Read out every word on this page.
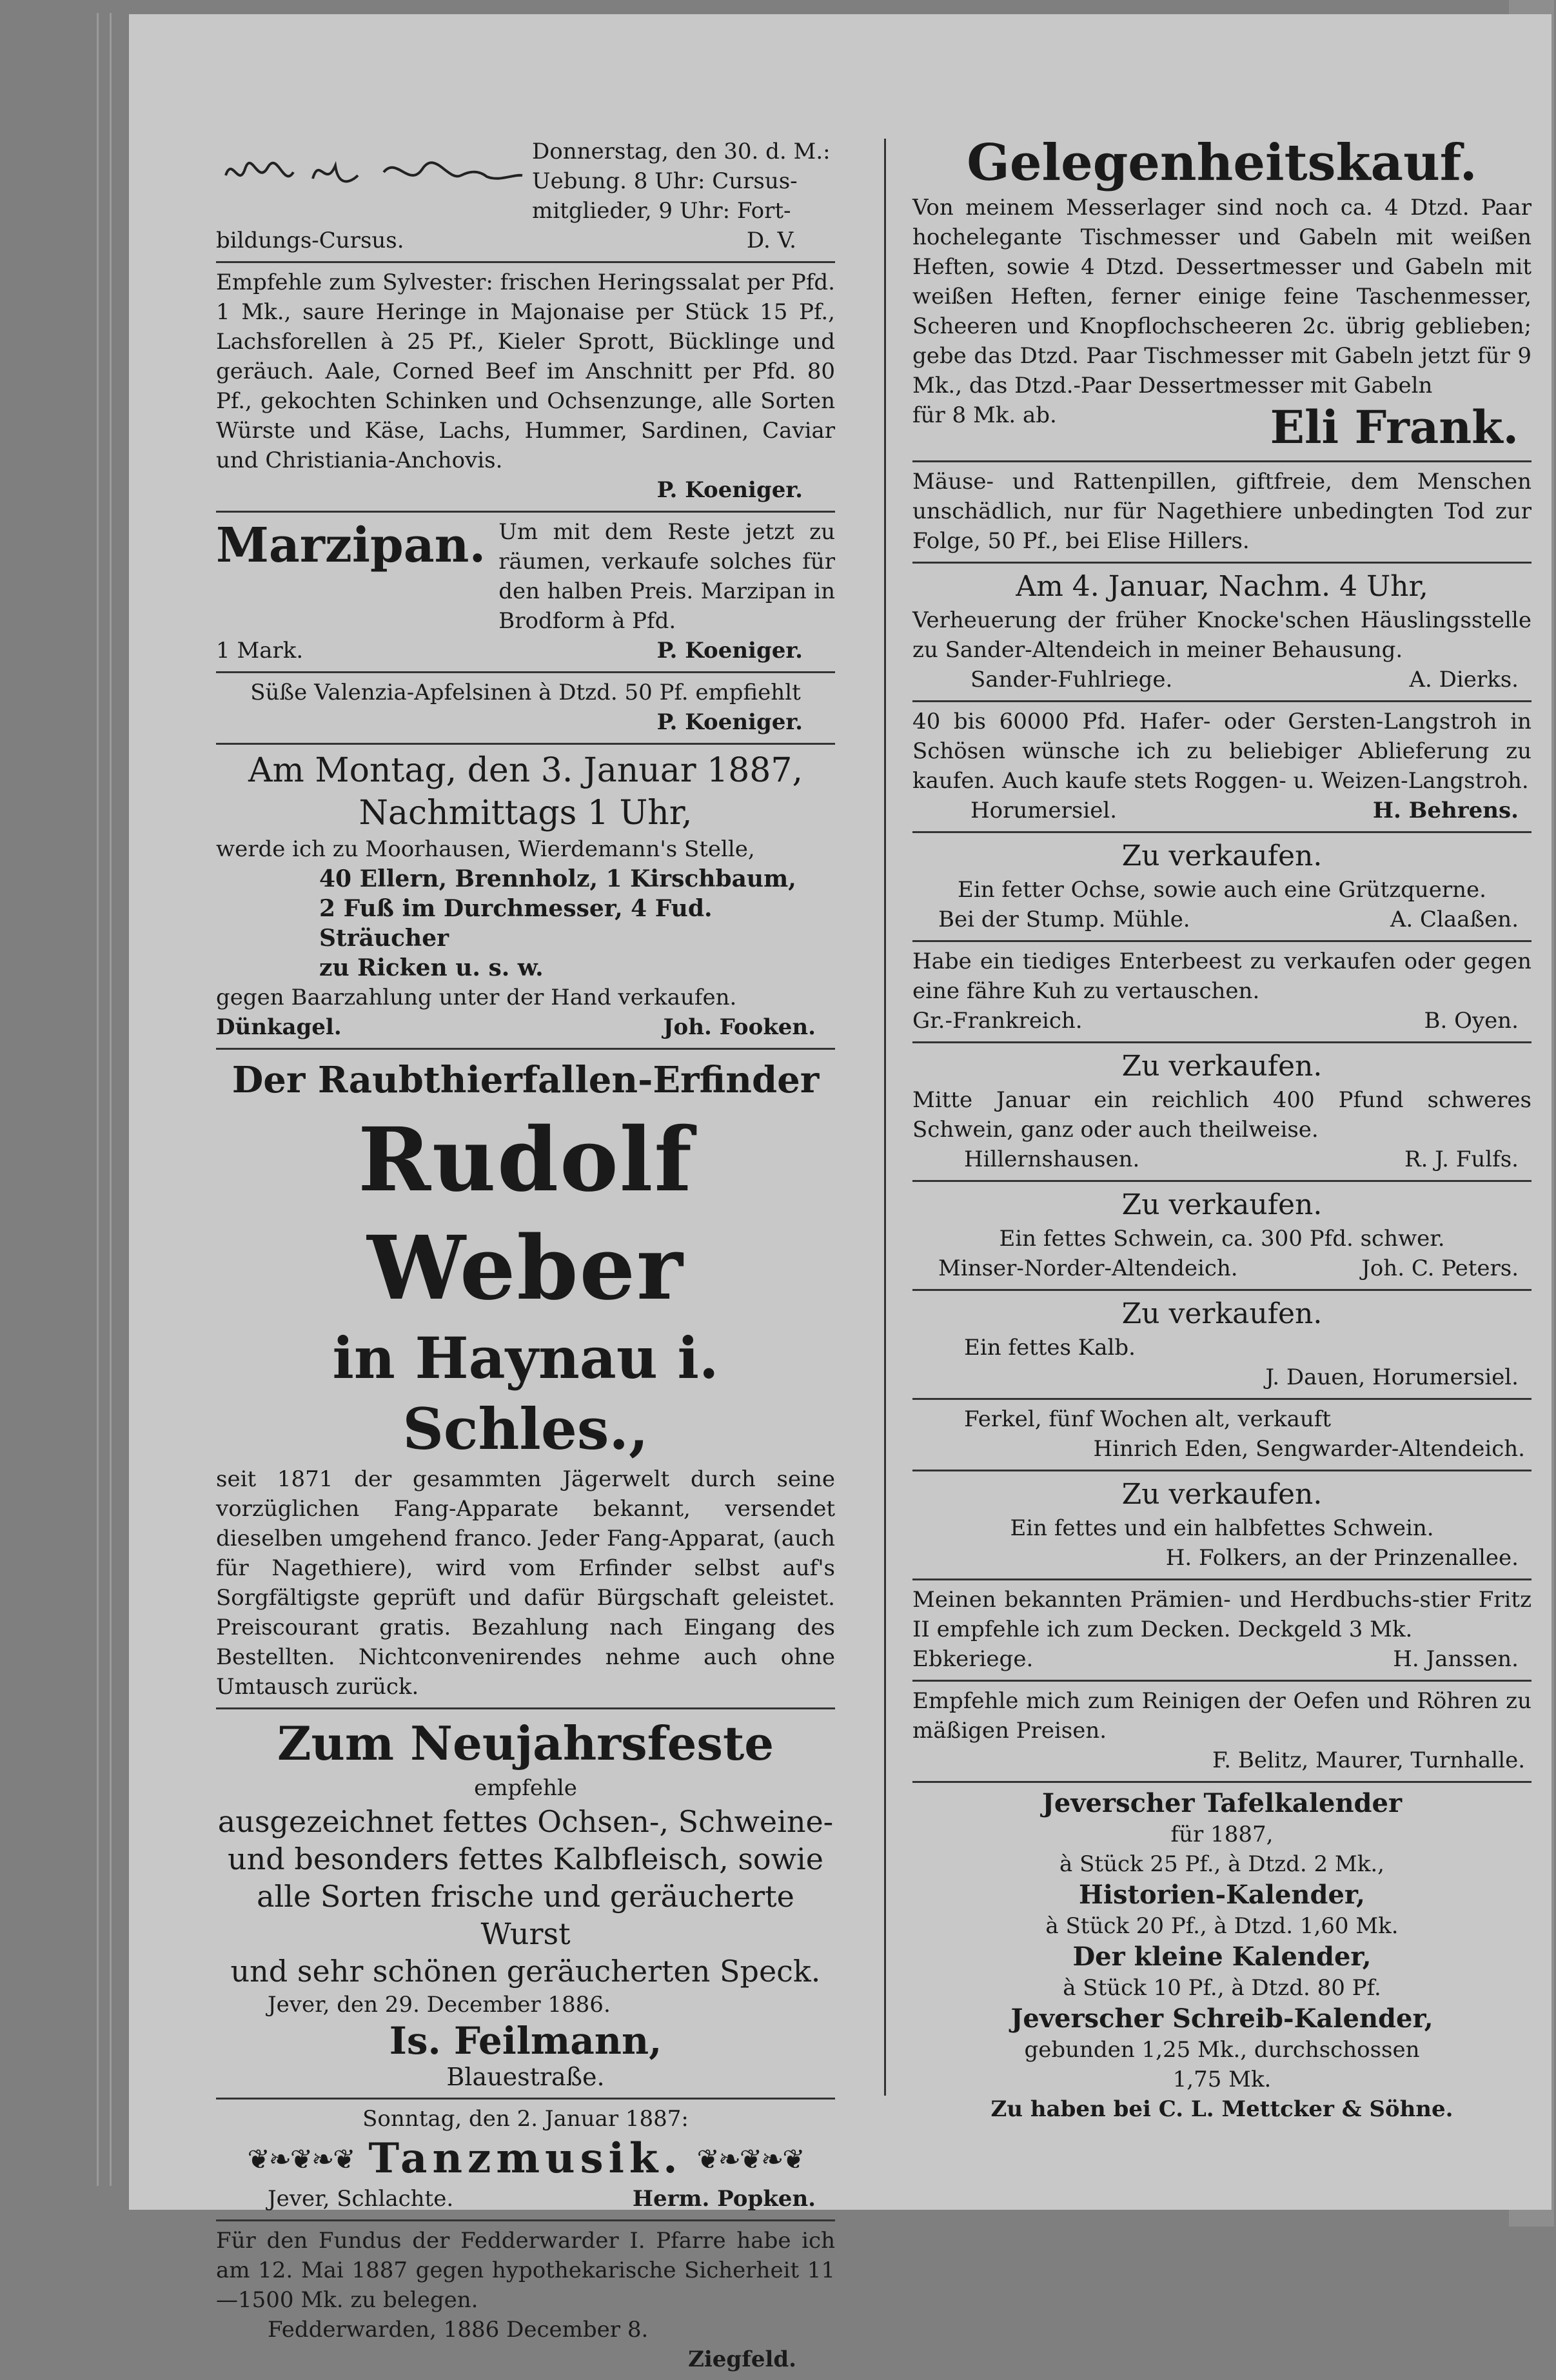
Donnerstag, den 30. d. M.:

Uebung. 8 Uhr: Cursus-

mitglieder, 9 Uhr: Fort-

bildungs-Cursus.	D. V.

Empfehle zum Sylvester: frischen Heringssalat per Pfd. 1 Mk., saure Heringe in Majonaise per Stück 15 Pf., Lachsforellen à 25 Pf., Kieler Sprott, Bücklinge und geräuch. Aale, Corned Beef im Anschnitt per Pfd. 80 Pf., gekochten Schinken und Ochsenzunge, alle Sorten Würste und Käse, Lachs, Hummer, Sardinen, Caviar und Christiania-Anchovis.

P. Koeniger.

Marzipan. Um mit dem Reste jetzt zu räumen, verkaufe solches für den halben Preis. Marzipan in Brodform à Pfd.

1 Mark.	P. Koeniger.

Süße Valenzia-Apfelsinen à Dtzd. 50 Pf. empfiehlt

P. Koeniger.

Am Montag, den 3. Januar 1887,
Nachmittags 1 Uhr,

werde ich zu Moorhausen, Wierdemann's Stelle,

40 Ellern, Brennholz, 1 Kirschbaum,

2 Fuß im Durchmesser, 4 Fud. Sträucher

zu Ricken u. s. w.

gegen Baarzahlung unter der Hand verkaufen.

Dünkagel.	Joh. Fooken.
Der Raubthierfallen-Erfinder
Rudolf Weber
in Haynau i. Schles.,

seit 1871 der gesammten Jägerwelt durch seine vorzüglichen Fang-Apparate bekannt, versendet dieselben umgehend franco. Jeder Fang-Apparat, (auch für Nagethiere), wird vom Erfinder selbst auf's Sorgfältigste geprüft und dafür Bürgschaft geleistet. Preiscourant gratis. Bezahlung nach Eingang des Bestellten. Nichtconvenirendes nehme auch ohne Umtausch zurück.

Zum Neujahrsfeste

empfehle

ausgezeichnet fettes Ochsen-, Schweine-

und besonders fettes Kalbfleisch, sowie

alle Sorten frische und geräucherte Wurst

und sehr schönen geräucherten Speck.

Jever, den 29. December 1886.

Is. Feilmann,

Blauestraße.

Sonntag, den 2. Januar 1887:

❦❧❦❧❦ Tanzmusik. ❦❧❦❧❦
Jever, Schlachte.	Herm. Popken.

Für den Fundus der Fedderwarder I. Pfarre habe ich am 12. Mai 1887 gegen hypothekarische Sicherheit 11—1500 Mk. zu belegen.

Fedderwarden, 1886 December 8.

Ziegfeld.

Gelegenheitskauf.

Von meinem Messerlager sind noch ca. 4 Dtzd. Paar hochelegante Tischmesser und Gabeln mit weißen Heften, sowie 4 Dtzd. Dessertmesser und Gabeln mit weißen Heften, ferner einige feine Taschenmesser, Scheeren und Knopflochscheeren 2c. übrig geblieben; gebe das Dtzd. Paar Tischmesser mit Gabeln jetzt für 9 Mk., das Dtzd.-Paar Dessertmesser mit Gabeln

für 8 Mk. ab.	Eli Frank.

Mäuse- und Rattenpillen, giftfreie, dem Menschen unschädlich, nur für Nagethiere unbedingten Tod zur Folge, 50 Pf., bei Elise Hillers.

Am 4. Januar, Nachm. 4 Uhr,

Verheuerung der früher Knocke'schen Häuslingsstelle zu Sander-Altendeich in meiner Behausung.

Sander-Fuhlriege.	A. Dierks.

40 bis 60000 Pfd. Hafer- oder Gersten-Langstroh in Schösen wünsche ich zu beliebiger Ablieferung zu kaufen. Auch kaufe stets Roggen- u. Weizen-Langstroh.

Horumersiel.	H. Behrens.
Zu verkaufen.

Ein fetter Ochse, sowie auch eine Grützquerne.

Bei der Stump. Mühle.	A. Claaßen.

Habe ein tiediges Enterbeest zu verkaufen oder gegen eine fähre Kuh zu vertauschen.

Gr.-Frankreich.	B. Oyen.
Zu verkaufen.

Mitte Januar ein reichlich 400 Pfund schweres Schwein, ganz oder auch theilweise.

Hillernshausen.	R. J. Fulfs.
Zu verkaufen.

Ein fettes Schwein, ca. 300 Pfd. schwer.

Minser-Norder-Altendeich.	Joh. C. Peters.
Zu verkaufen.

Ein fettes Kalb.

J. Dauen, Horumersiel.

Ferkel, fünf Wochen alt, verkauft

Hinrich Eden, Sengwarder-Altendeich.

Zu verkaufen.

Ein fettes und ein halbfettes Schwein.

H. Folkers, an der Prinzenallee.

Meinen bekannten Prämien- und Herdbuchs-stier Fritz II empfehle ich zum Decken. Deckgeld 3 Mk.

Ebkeriege.	H. Janssen.

Empfehle mich zum Reinigen der Oefen und Röhren zu mäßigen Preisen.

F. Belitz, Maurer, Turnhalle.

Jeverscher Tafelkalender

für 1887,

à Stück 25 Pf., à Dtzd. 2 Mk.,

Historien-Kalender,

à Stück 20 Pf., à Dtzd. 1,60 Mk.

Der kleine Kalender,

à Stück 10 Pf., à Dtzd. 80 Pf.

Jeverscher Schreib-Kalender,

gebunden 1,25 Mk., durchschossen

1,75 Mk.

Zu haben bei C. L. Mettcker & Söhne.
